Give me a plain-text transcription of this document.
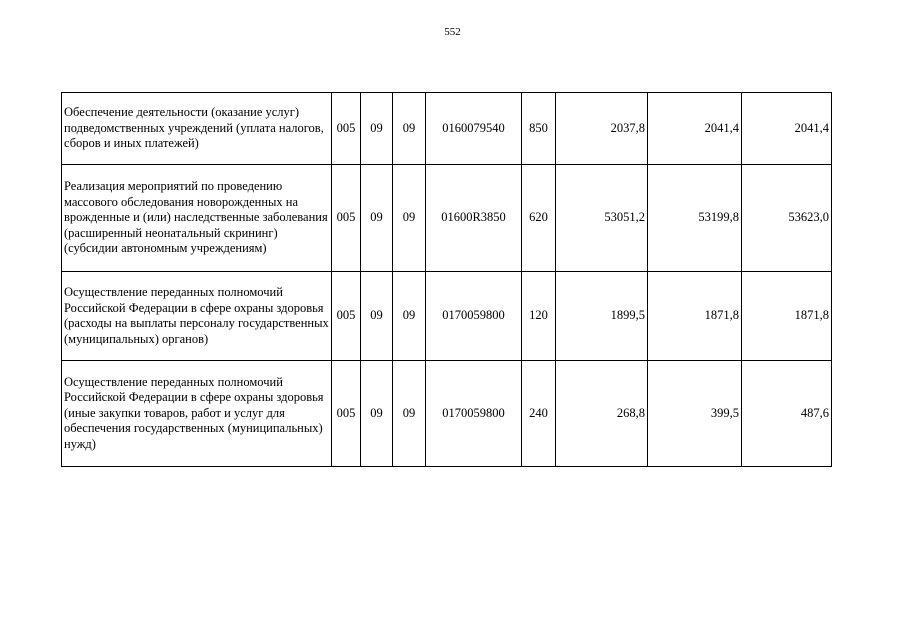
552
Обеспечение деятельности (оказание услуг) подведомственных учреждений (уплата налогов, сборов и иных платежей)	005	09	09	0160079540	850	2037,8	2041,4	2041,4
Реализация мероприятий по проведению массового обследования новорожденных на врожденные и (или) наследственные заболевания (расширенный неонатальный скрининг) (субсидии автономным учреждениям)	005	09	09	01600R3850	620	53051,2	53199,8	53623,0
Осуществление переданных полномочий Российской Федерации в сфере охраны здоровья (расходы на выплаты персоналу государственных (муниципальных) органов)	005	09	09	0170059800	120	1899,5	1871,8	1871,8
Осуществление переданных полномочий Российской Федерации в сфере охраны здоровья (иные закупки товаров, работ и услуг для обеспечения государственных (муниципальных) нужд)	005	09	09	0170059800	240	268,8	399,5	487,6
